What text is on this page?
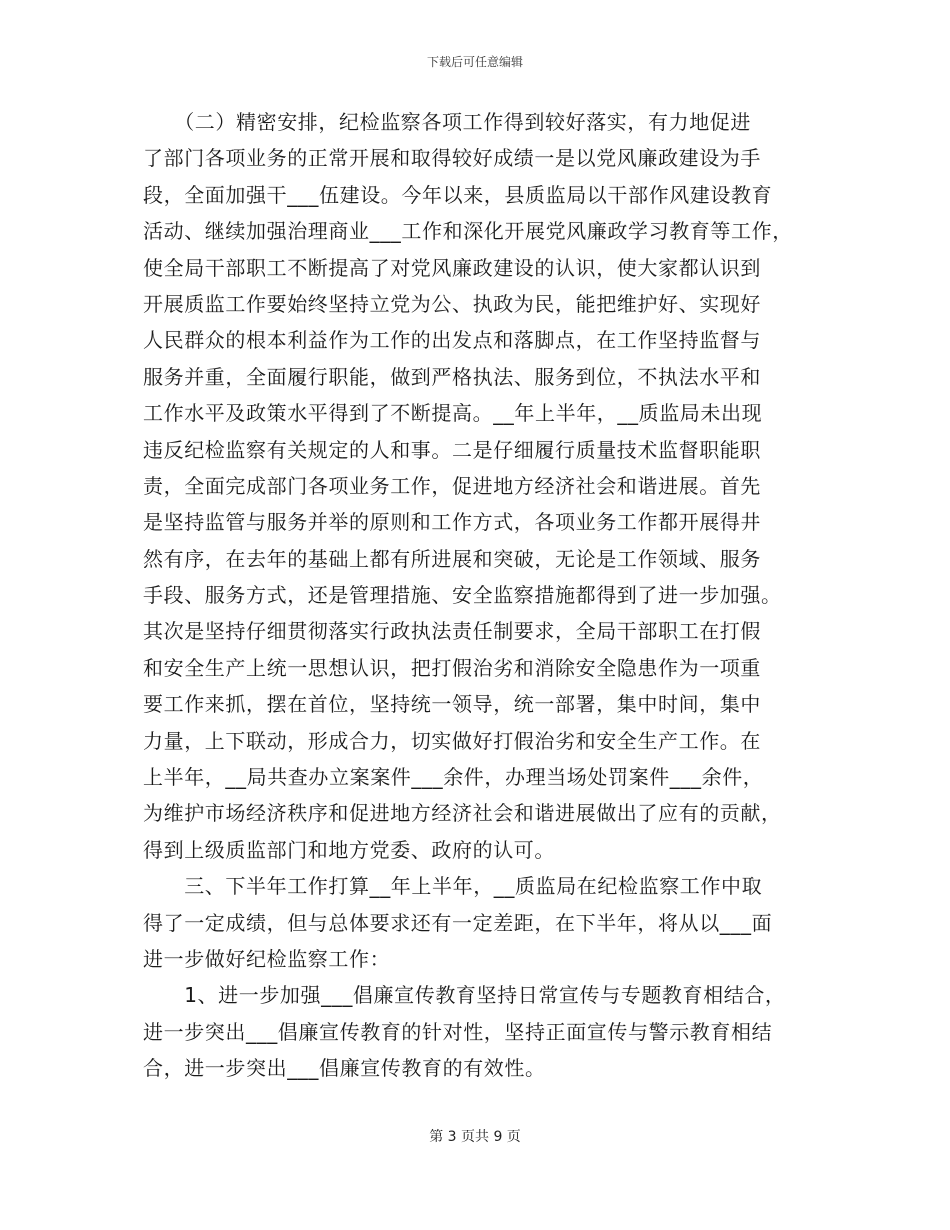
下载后可任意编辑
　　（二）精密安排，纪检监察各项工作得到较好落实，有力地促进
了部门各项业务的正常开展和取得较好成绩一是以党风廉政建设为手
段，全面加强干___伍建设。今年以来，县质监局以干部作风建设教育
活动、继续加强治理商业___工作和深化开展党风廉政学习教育等工作，
使全局干部职工不断提高了对党风廉政建设的认识，使大家都认识到
开展质监工作要始终坚持立党为公、执政为民，能把维护好、实现好
人民群众的根本利益作为工作的出发点和落脚点，在工作坚持监督与
服务并重，全面履行职能，做到严格执法、服务到位，不执法水平和
工作水平及政策水平得到了不断提高。__年上半年，__质监局未出现
违反纪检监察有关规定的人和事。二是仔细履行质量技术监督职能职
责，全面完成部门各项业务工作，促进地方经济社会和谐进展。首先
是坚持监管与服务并举的原则和工作方式，各项业务工作都开展得井
然有序，在去年的基础上都有所进展和突破，无论是工作领域、服务
手段、服务方式，还是管理措施、安全监察措施都得到了进一步加强。
其次是坚持仔细贯彻落实行政执法责任制要求，全局干部职工在打假
和安全生产上统一思想认识，把打假治劣和消除安全隐患作为一项重
要工作来抓，摆在首位，坚持统一领导，统一部署，集中时间，集中
力量，上下联动，形成合力，切实做好打假治劣和安全生产工作。在
上半年，__局共查办立案案件___余件，办理当场处罚案件___余件，
为维护市场经济秩序和促进地方经济社会和谐进展做出了应有的贡献，
得到上级质监部门和地方党委、政府的认可。
　　三、下半年工作打算__年上半年，__质监局在纪检监察工作中取
得了一定成绩，但与总体要求还有一定差距，在下半年，将从以___面
进一步做好纪检监察工作：
　　1、进一步加强___倡廉宣传教育坚持日常宣传与专题教育相结合，
进一步突出___倡廉宣传教育的针对性，坚持正面宣传与警示教育相结
合，进一步突出___倡廉宣传教育的有效性。
第 3 页共 9 页
